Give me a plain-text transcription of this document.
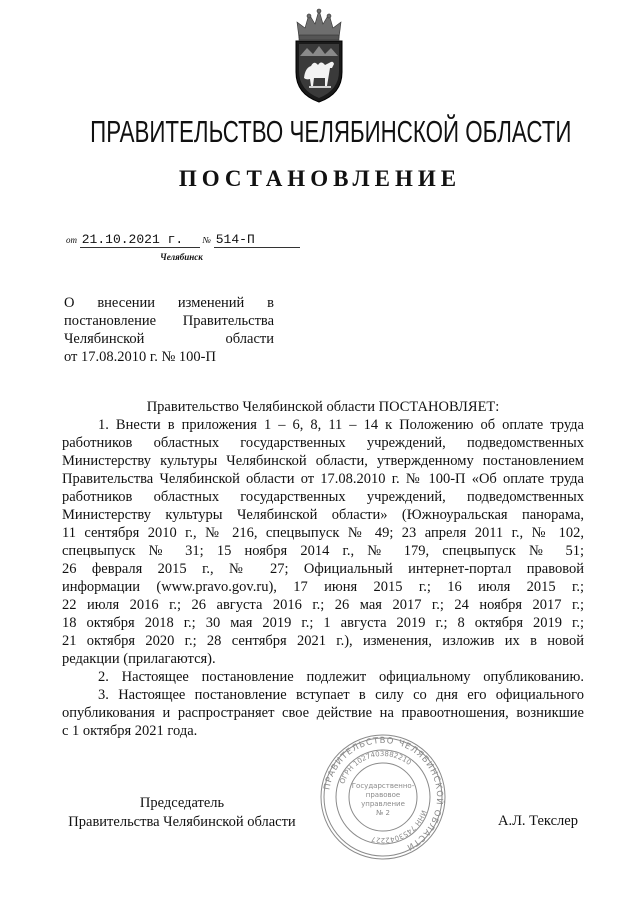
ПРАВИТЕЛЬСТВО ЧЕЛЯБИНСКОЙ ОБЛАСТИ
ПОСТАНОВЛЕНИЕ
от 21.10.2021 г. № 514-П
Челябинск
О внесении изменений в
постановление Правительства
Челябинской области
от 17.08.2010 г. № 100-П
Правительство Челябинской области ПОСТАНОВЛЯЕТ:
1. Внести в приложения 1 – 6, 8, 11 – 14 к Положению об оплате труда
работников областных государственных учреждений, подведомственных
Министерству культуры Челябинской области, утвержденному постановлением
Правительства Челябинской области от 17.08.2010 г. № 100-П «Об оплате труда
работников областных государственных учреждений, подведомственных
Министерству культуры Челябинской области» (Южноуральская панорама,
11 сентября 2010 г., № 216, спецвыпуск № 49; 23 апреля 2011 г., № 102,
спецвыпуск № 31; 15 ноября 2014 г., № 179, спецвыпуск № 51;
26 февраля 2015 г., № 27; Официальный интернет-портал правовой
информации (www.pravo.gov.ru), 17 июня 2015 г.; 16 июля 2015 г.;
22 июля 2016 г.; 26 августа 2016 г.; 26 мая 2017 г.; 24 ноября 2017 г.;
18 октября 2018 г.; 30 мая 2019 г.; 1 августа 2019 г.; 8 октября 2019 г.;
21 октября 2020 г.; 28 сентября 2021 г.), изменения, изложив их в новой
редакции (прилагаются).
2. Настоящее постановление подлежит официальному опубликованию.
3. Настоящее постановление вступает в силу со дня его официального
опубликования и распространяет свое действие на правоотношения, возникшие
с 1 октября 2021 года.
ПРАВИТЕЛЬСТВО ЧЕЛЯБИНСКОЙ ОБЛАСТИ
ОГРН 1027403882210
ИНН 7453042227
Государственно-
правовое
управление
№ 2
Председатель
Правительства Челябинской области	А.Л. Текслер
